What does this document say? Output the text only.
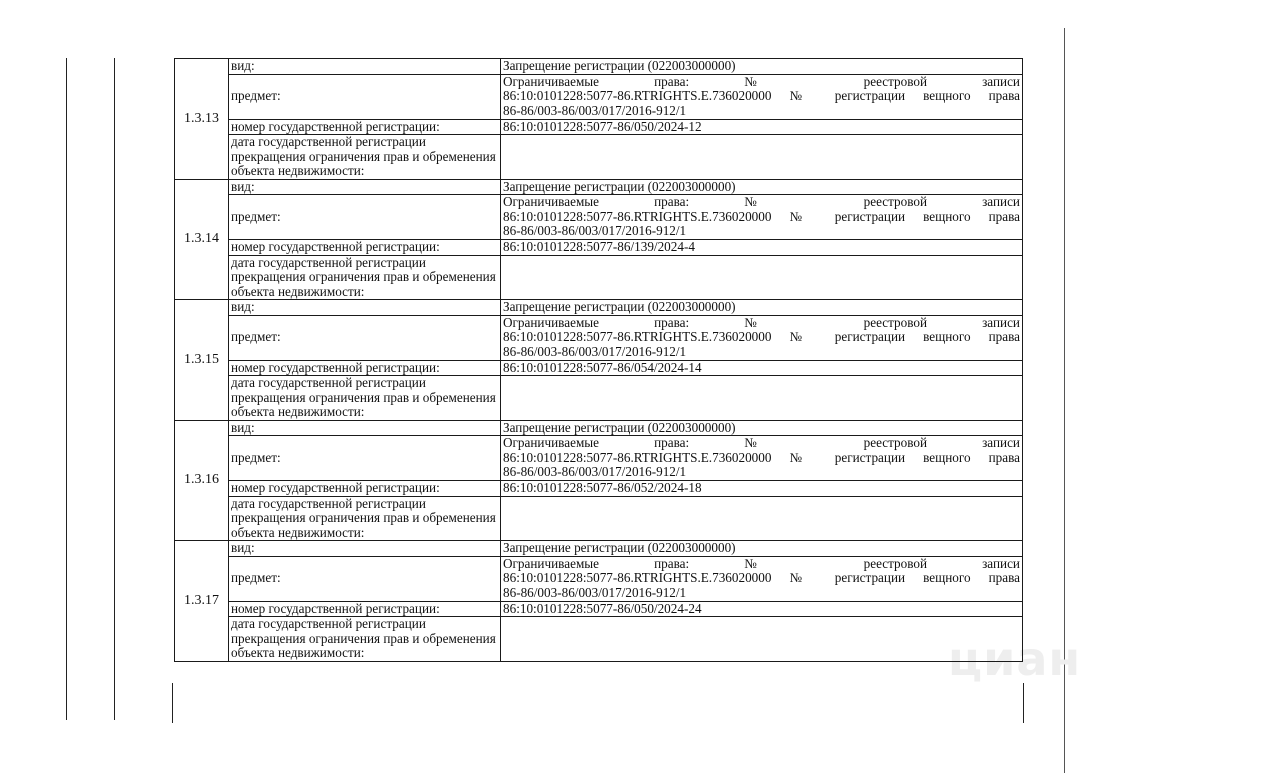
циан
1.3.13	вид:	Запрещение регистрации (022003000000)
	предмет:	Ограничиваемые права: № реестровой записи
86:10:0101228:5077-86.RTRIGHTS.E.736020000 № регистрации вещного права
86-86/003-86/003/017/2016-912/1
	номер государственной регистрации:	86:10:0101228:5077-86/050/2024-12
	дата государственной регистрации прекращения ограничения прав и обременения объекта недвижимости:	
1.3.14	вид:	Запрещение регистрации (022003000000)
	предмет:	Ограничиваемые права: № реестровой записи
86:10:0101228:5077-86.RTRIGHTS.E.736020000 № регистрации вещного права
86-86/003-86/003/017/2016-912/1
	номер государственной регистрации:	86:10:0101228:5077-86/139/2024-4
	дата государственной регистрации прекращения ограничения прав и обременения объекта недвижимости:	
1.3.15	вид:	Запрещение регистрации (022003000000)
	предмет:	Ограничиваемые права: № реестровой записи
86:10:0101228:5077-86.RTRIGHTS.E.736020000 № регистрации вещного права
86-86/003-86/003/017/2016-912/1
	номер государственной регистрации:	86:10:0101228:5077-86/054/2024-14
	дата государственной регистрации прекращения ограничения прав и обременения объекта недвижимости:	
1.3.16	вид:	Запрещение регистрации (022003000000)
	предмет:	Ограничиваемые права: № реестровой записи
86:10:0101228:5077-86.RTRIGHTS.E.736020000 № регистрации вещного права
86-86/003-86/003/017/2016-912/1
	номер государственной регистрации:	86:10:0101228:5077-86/052/2024-18
	дата государственной регистрации прекращения ограничения прав и обременения объекта недвижимости:	
1.3.17	вид:	Запрещение регистрации (022003000000)
	предмет:	Ограничиваемые права: № реестровой записи
86:10:0101228:5077-86.RTRIGHTS.E.736020000 № регистрации вещного права
86-86/003-86/003/017/2016-912/1
	номер государственной регистрации:	86:10:0101228:5077-86/050/2024-24
	дата государственной регистрации прекращения ограничения прав и обременения объекта недвижимости:	
